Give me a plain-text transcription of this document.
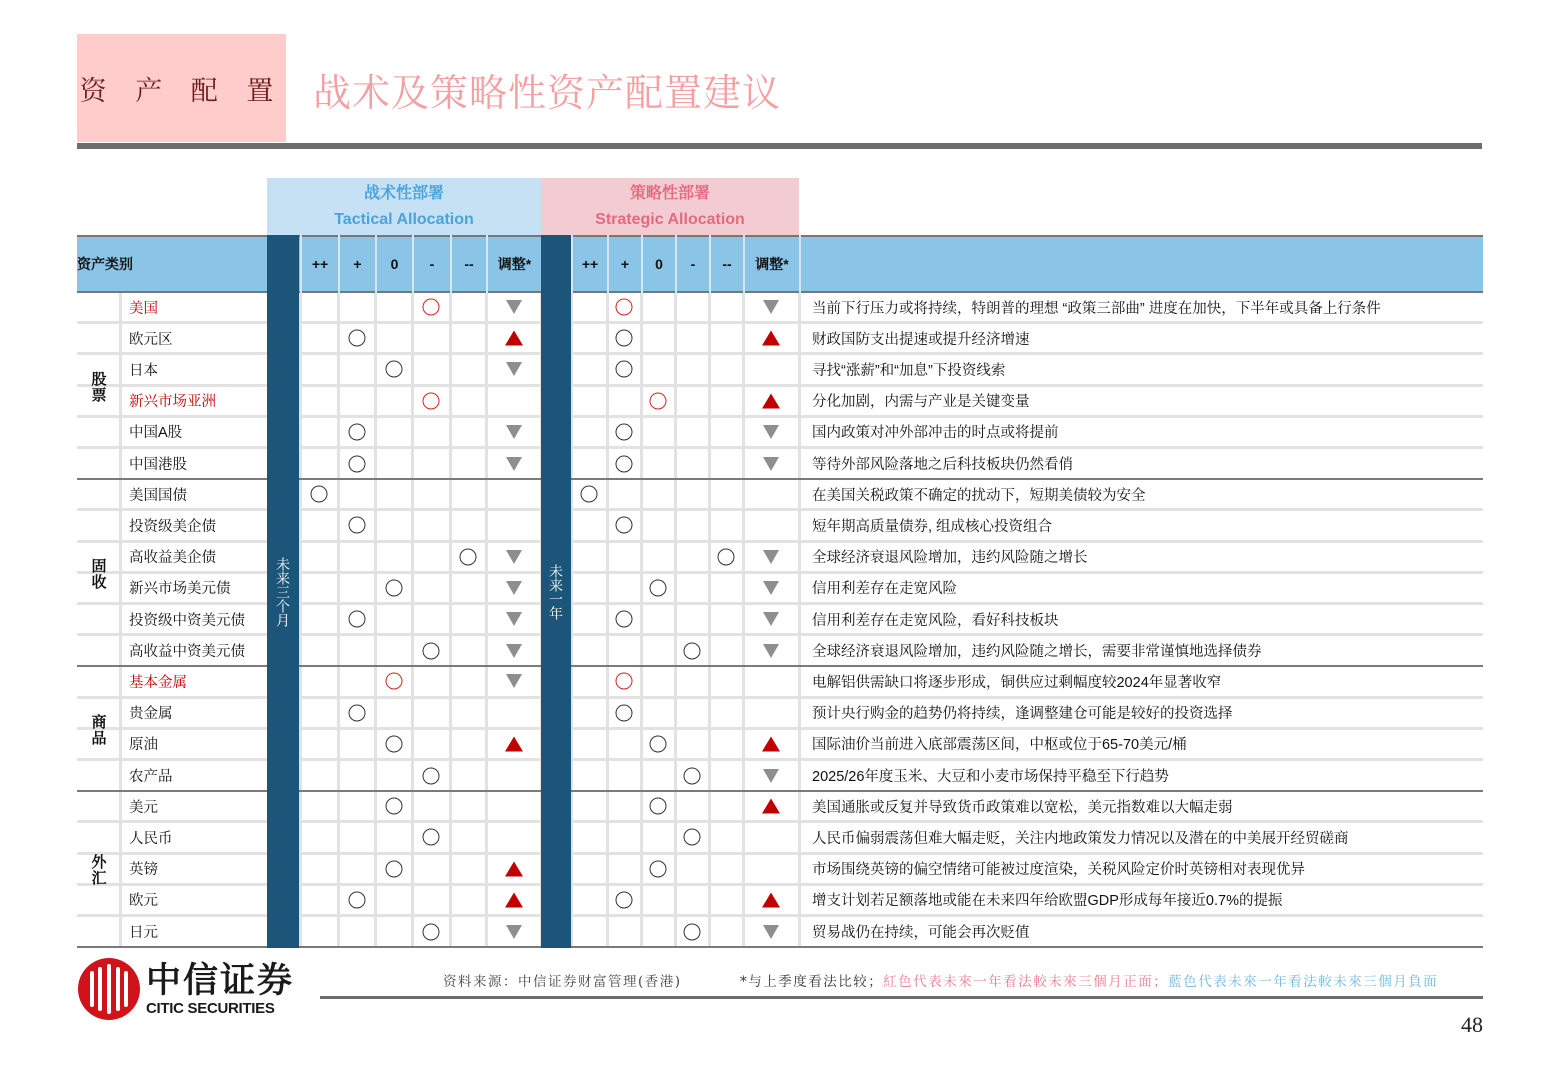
资 产 配 置 战术及策略性资产配置建议
战术性部署
Tactical Allocation
策略性部署
Strategic Allocation
资产类别	++	+	0	-	--	调整*	++	+	0	-	--	调整*
美国	当前下行压力或将持续，特朗普的理想 “政策三部曲” 进度在加快，下半年或具备上行条件
欧元区	财政国防支出提速或提升经济增速
日本	寻找“涨薪”和“加息”下投资线索
新兴市场亚洲	分化加剧，内需与产业是关键变量
中国A股	国内政策对冲外部冲击的时点或将提前
中国港股	等待外部风险落地之后科技板块仍然看俏
股票
美国国债	在美国关税政策不确定的扰动下，短期美债较为安全
投资级美企债	短年期高质量债券, 组成核心投资组合
高收益美企债	全球经济衰退风险增加，违约风险随之增长
新兴市场美元债	信用利差存在走宽风险
投资级中资美元债	信用利差存在走宽风险，看好科技板块
高收益中资美元债	全球经济衰退风险增加，违约风险随之增长，需要非常谨慎地选择债券
固收
基本金属	电解铝供需缺口将逐步形成，铜供应过剩幅度较2024年显著收窄
贵金属	预计央行购金的趋势仍将持续，逢调整建仓可能是较好的投资选择
原油	国际油价当前进入底部震荡区间，中枢或位于65-70美元/桶
农产品	2025/26年度玉米、大豆和小麦市场保持平稳至下行趋势
商品
美元	美国通胀或反复并导致货币政策难以宽松，美元指数难以大幅走弱
人民币	人民币偏弱震荡但难大幅走贬，关注内地政策发力情况以及潜在的中美展开经贸磋商
英镑	市场围绕英镑的偏空情绪可能被过度渲染，关税风险定价时英镑相对表现优异
欧元	增支计划若足额落地或能在未来四年给欧盟GDP形成每年接近0.7%的提振
日元	贸易战仍在持续，可能会再次贬值
外汇
未来三个月	未来一年
中信证券
CITIC SECURITIES
资料来源：中信证券财富管理(香港)	*与上季度看法比较；紅色代表未來一年看法較未來三個月正面；藍色代表未來一年看法較未來三個月負面
48
